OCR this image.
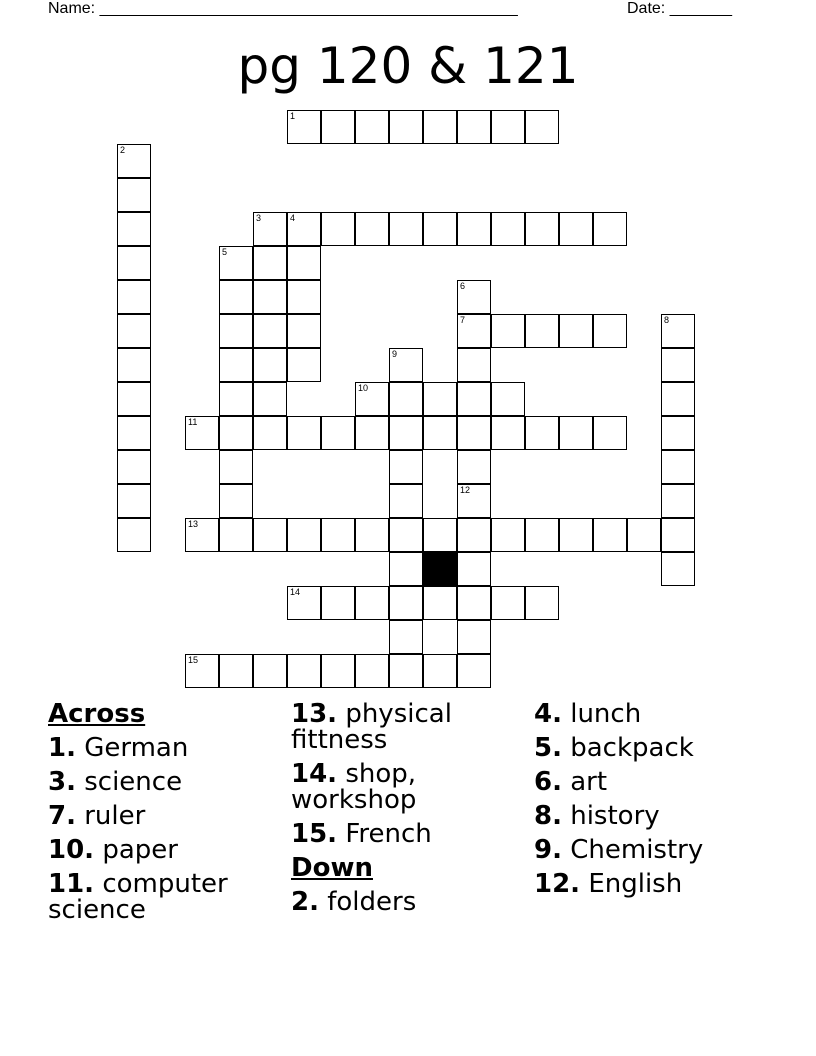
Name: _______________________________________________	Date: _______
pg 120 & 121
1
2
3	4
5
6
7	8
9
10
11
12
13
14
15
Across
1. German
3. science
7. ruler
10. paper
11. computer science
13. physical fittness
14. shop, workshop
15. French
Down
2. folders
4. lunch
5. backpack
6. art
8. history
9. Chemistry
12. English
